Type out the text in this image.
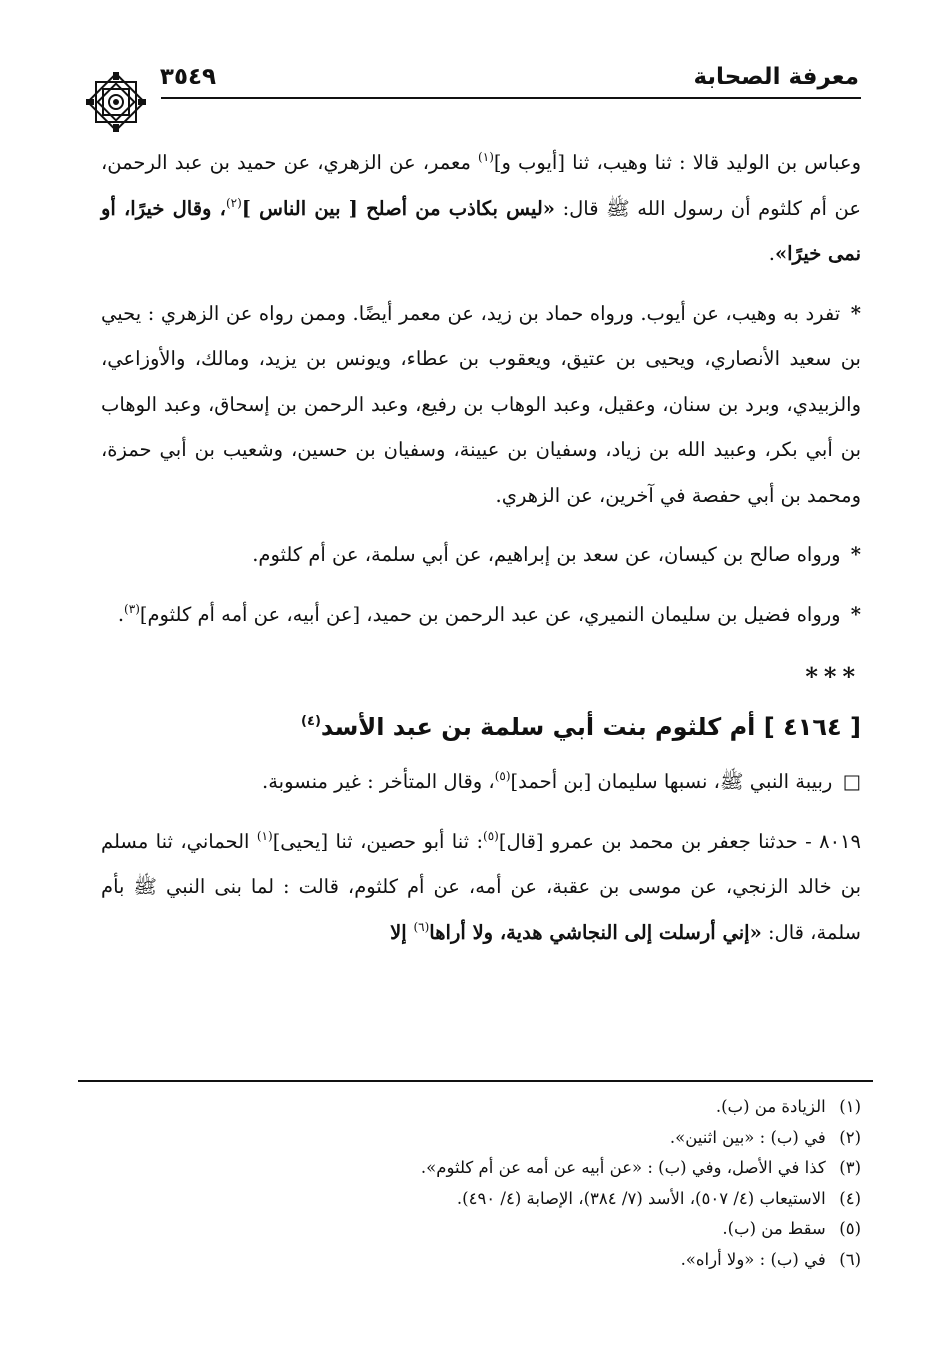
معرفة الصحابة
٣٥٤٩

وعباس بن الوليد قالا : ثنا وهيب، ثنا [أيوب و]$^{(١)}$ معمر، عن الزهري، عن حميد بن عبد الرحمن، عن أم كلثوم أن رسول الله ﷺ قال: «ليس بكاذب من أصلح [ بين الناس ]$^{(٢)}$، وقال خيرًا، أو نمى خيرًا».

* تفرد به وهيب، عن أيوب. ورواه حماد بن زيد، عن معمر أيضًا. وممن رواه عن الزهري : يحيي بن سعيد الأنصاري، ويحيى بن عتيق، ويعقوب بن عطاء، ويونس بن يزيد، ومالك، والأوزاعي، والزبيدي، وبرد بن سنان، وعقيل، وعبد الوهاب بن رفيع، وعبد الرحمن بن إسحاق، وعبد الوهاب بن أبي بكر، وعبيد الله بن زياد، وسفيان بن عيينة، وسفيان بن حسين، وشعيب بن أبي حمزة، ومحمد بن أبي حفصة في آخرين، عن الزهري.

* ورواه صالح بن كيسان، عن سعد بن إبراهيم، عن أبي سلمة، عن أم كلثوم.

* ورواه فضيل بن سليمان النميري، عن عبد الرحمن بن حميد، [عن أبيه، عن أمه أم كلثوم]$^{(٣)}$.

***
[ ٤١٦٤ ] أم كلثوم بنت أبي سلمة بن عبد الأسد$^{(٤)}$

□ ربيبة النبي ﷺ، نسبها سليمان [بن أحمد]$^{(٥)}$، وقال المتأخر : غير منسوبة.

٨٠١٩ - حدثنا جعفر بن محمد بن عمرو [قال]$^{(٥)}$: ثنا أبو حصين، ثنا [يحيى]$^{(١)}$ الحماني، ثنا مسلم بن خالد الزنجي، عن موسى بن عقبة، عن أمه، عن أم كلثوم، قالت : لما بنى النبي ﷺ بأم سلمة، قال: «إني أرسلت إلى النجاشي هدية، ولا أراها$^{(٦)}$ إلا

(١) الزيادة من (ب).
(٢) في (ب) : «بين اثنين».
(٣) كذا في الأصل، وفي (ب) : «عن أبيه عن أمه عن أم كلثوم».
(٤) الاستيعاب (٤/ ٥٠٧)، الأسد (٧/ ٣٨٤)، الإصابة (٤/ ٤٩٠).
(٥) سقط من (ب).
(٦) في (ب) : «ولا أراه».
